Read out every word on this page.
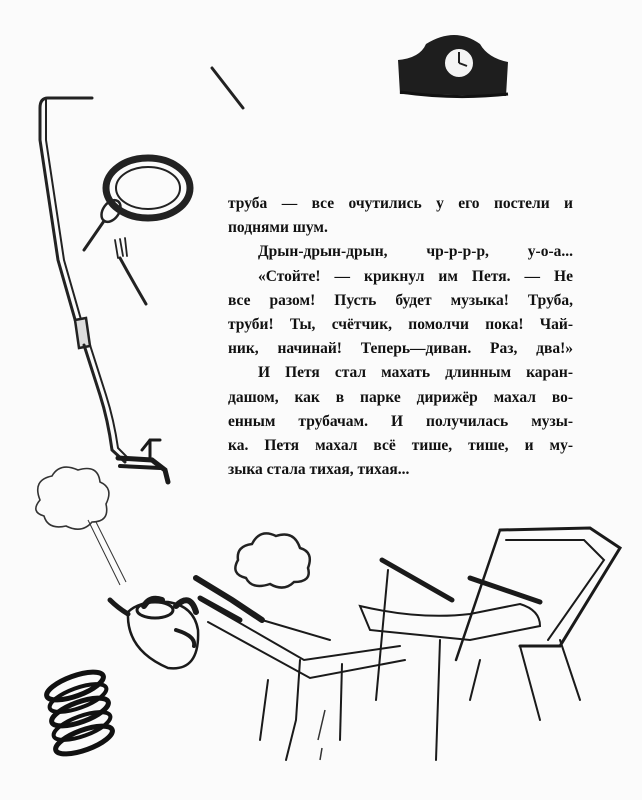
труба — все очутились у его постели и
поднями шум.
Дрын-дрын-дрын, чр-р-р-р, у-о-а...
«Стойте! — крикнул им Петя. — Не
все разом! Пусть будет музыка! Труба,
труби! Ты, счётчик, помолчи пока! Чай-
ник, начинай! Теперь—диван. Раз, два!»
И Петя стал махать длинным каран-
дашом, как в парке дирижёр махал во-
енным трубачам. И получилась музы-
ка. Петя махал всё тише, тише, и му-
зыка стала тихая, тихая...
